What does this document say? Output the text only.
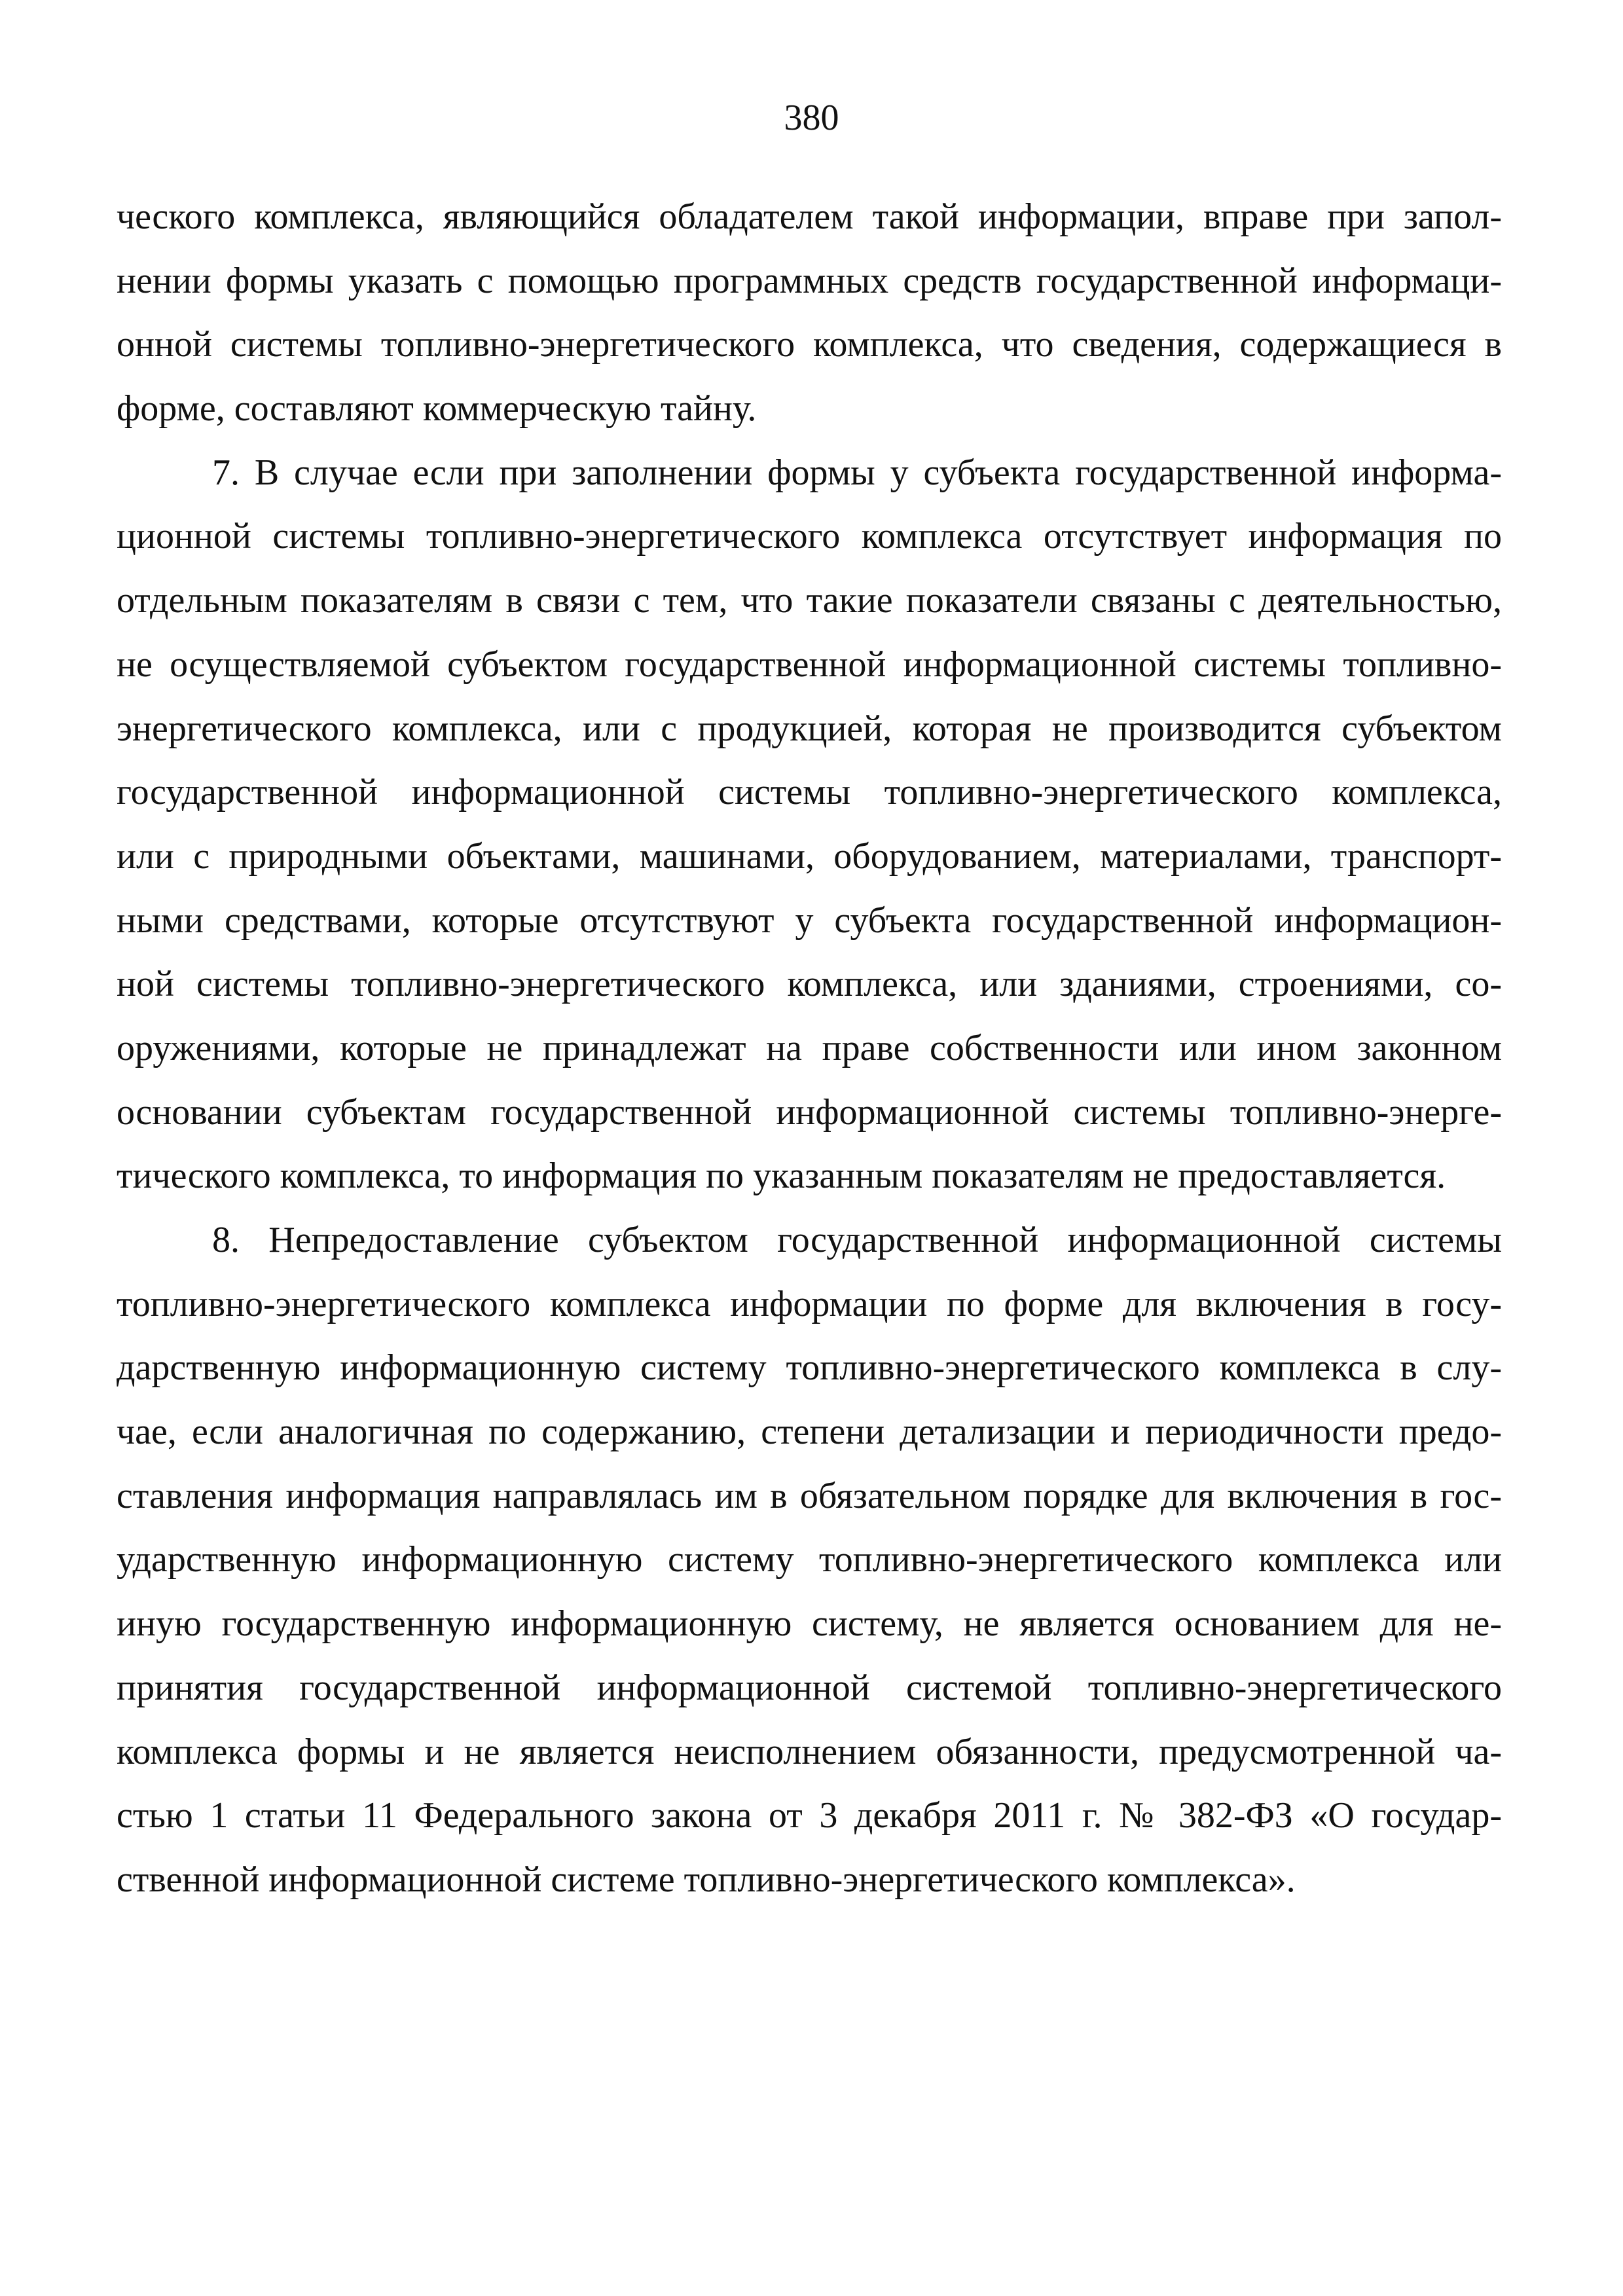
380

ческого комплекса, являющийся обладателем такой информации, вправе при запол-
нении формы указать с помощью программных средств государственной информаци-
онной системы топливно-энергетического комплекса, что сведения, содержащиеся в
форме, составляют коммерческую тайну.

7. В случае если при заполнении формы у субъекта государственной информа-
ционной системы топливно-энергетического комплекса отсутствует информация по
отдельным показателям в связи с тем, что такие показатели связаны с деятельностью,
не осуществляемой субъектом государственной информационной системы топливно-
энергетического комплекса, или с продукцией, которая не производится субъектом
государственной информационной системы топливно-энергетического комплекса,
или с природными объектами, машинами, оборудованием, материалами, транспорт-
ными средствами, которые отсутствуют у субъекта государственной информацион-
ной системы топливно-энергетического комплекса, или зданиями, строениями, со-
оружениями, которые не принадлежат на праве собственности или ином законном
основании субъектам государственной информационной системы топливно-энерге-
тического комплекса, то информация по указанным показателям не предоставляется.

8. Непредоставление субъектом государственной информационной системы
топливно-энергетического комплекса информации по форме для включения в госу-
дарственную информационную систему топливно-энергетического комплекса в слу-
чае, если аналогичная по содержанию, степени детализации и периодичности предо-
ставления информация направлялась им в обязательном порядке для включения в гос-
ударственную информационную систему топливно-энергетического комплекса или
иную государственную информационную систему, не является основанием для не-
принятия государственной информационной системой топливно-энергетического
комплекса формы и не является неисполнением обязанности, предусмотренной ча-
стью 1 статьи 11 Федерального закона от 3 декабря 2011 г. № 382-ФЗ «О государ-
ственной информационной системе топливно-энергетического комплекса».
